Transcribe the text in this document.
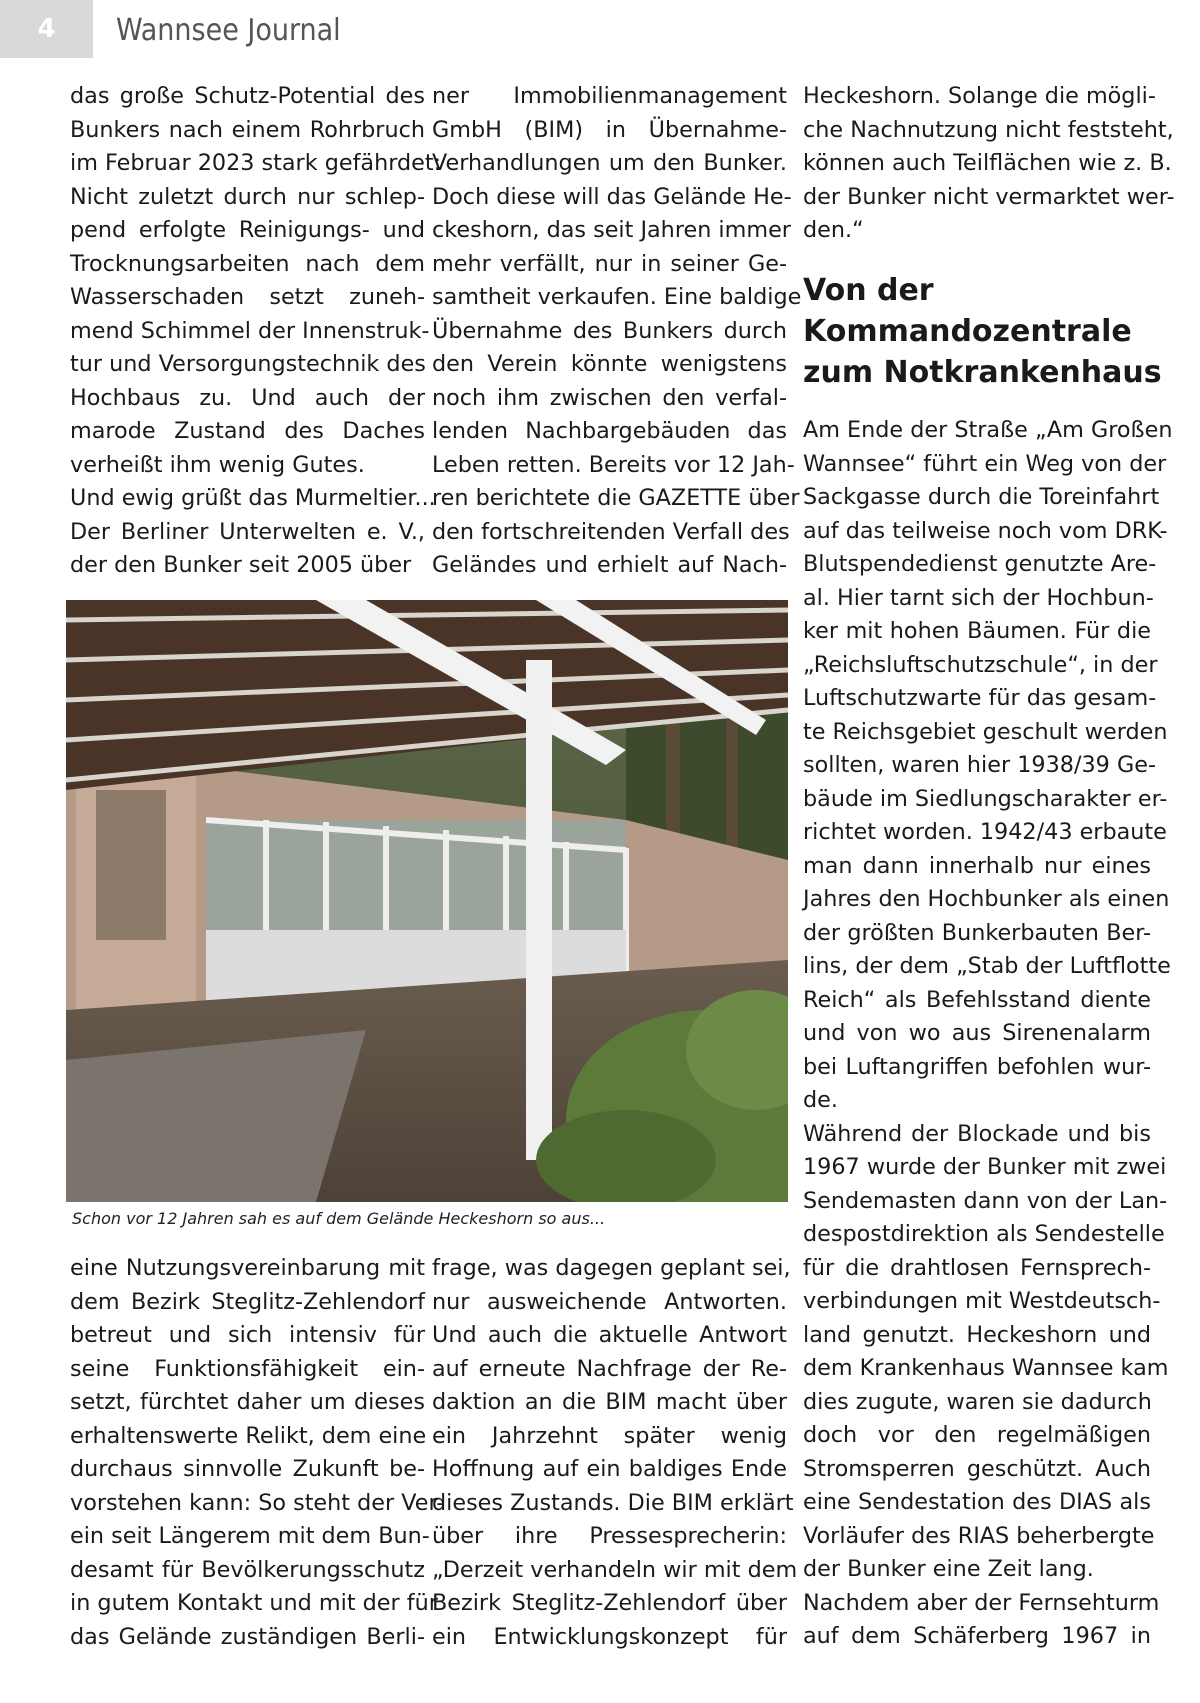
4	Wannsee Journal
das große Schutz-Potential des
Bunkers nach einem Rohrbruch
im Februar 2023 stark gefährdet:
Nicht zuletzt durch nur schlep-
pend erfolgte Reinigungs- und
Trocknungsarbeiten nach dem
Wasserschaden setzt zuneh-
mend Schimmel der Innenstruk-
tur und Versorgungstechnik des
Hochbaus zu. Und auch der
marode Zustand des Daches
verheißt ihm wenig Gutes.
Und ewig grüßt das Murmeltier...
Der Berliner Unterwelten e. V.,
der den Bunker seit 2005 über
ner Immobilienmanagement
GmbH (BIM) in Übernahme-
Verhandlungen um den Bunker.
Doch diese will das Gelände He-
ckeshorn, das seit Jahren immer
mehr verfällt, nur in seiner Ge-
samtheit verkaufen. Eine baldige
Übernahme des Bunkers durch
den Verein könnte wenigstens
noch ihm zwischen den verfal-
lenden Nachbargebäuden das
Leben retten. Bereits vor 12 Jah-
ren berichtete die GAZETTE über
den fortschreitenden Verfall des
Geländes und erhielt auf Nach-
Heckeshorn. Solange die mögli-
che Nachnutzung nicht feststeht,
können auch Teilflächen wie z. B.
der Bunker nicht vermarktet wer-
den.“
Von der
Kommandozentrale
zum Notkrankenhaus
Am Ende der Straße „Am Großen
Wannsee“ führt ein Weg von der
Sackgasse durch die Toreinfahrt
auf das teilweise noch vom DRK-
Blutspendedienst genutzte Are-
al. Hier tarnt sich der Hochbun-
ker mit hohen Bäumen. Für die
„Reichsluftschutzschule“, in der
Luftschutzwarte für das gesam-
te Reichsgebiet geschult werden
sollten, waren hier 1938/39 Ge-
bäude im Siedlungscharakter er-
richtet worden. 1942/43 erbaute
man dann innerhalb nur eines
Jahres den Hochbunker als einen
der größten Bunkerbauten Ber-
lins, der dem „Stab der Luftflotte
Reich“ als Befehlsstand diente
und von wo aus Sirenenalarm
bei Luftangriffen befohlen wur-
de.
Während der Blockade und bis
1967 wurde der Bunker mit zwei
Sendemasten dann von der Lan-
despostdirektion als Sendestelle
für die drahtlosen Fernsprech-
verbindungen mit Westdeutsch-
land genutzt. Heckeshorn und
dem Krankenhaus Wannsee kam
dies zugute, waren sie dadurch
doch vor den regelmäßigen
Stromsperren geschützt. Auch
eine Sendestation des DIAS als
Vorläufer des RIAS beherbergte
der Bunker eine Zeit lang.
Nachdem aber der Fernsehturm
auf dem Schäferberg 1967 in
Schon vor 12 Jahren sah es auf dem Gelände Heckeshorn so aus...
eine Nutzungsvereinbarung mit
dem Bezirk Steglitz-Zehlendorf
betreut und sich intensiv für
seine Funktionsfähigkeit ein-
setzt, fürchtet daher um dieses
erhaltenswerte Relikt, dem eine
durchaus sinnvolle Zukunft be-
vorstehen kann: So steht der Ver-
ein seit Längerem mit dem Bun-
desamt für Bevölkerungsschutz
in gutem Kontakt und mit der für
das Gelände zuständigen Berli-
frage, was dagegen geplant sei,
nur ausweichende Antworten.
Und auch die aktuelle Antwort
auf erneute Nachfrage der Re-
daktion an die BIM macht über
ein Jahrzehnt später wenig
Hoffnung auf ein baldiges Ende
dieses Zustands. Die BIM erklärt
über ihre Pressesprecherin:
„Derzeit verhandeln wir mit dem
Bezirk Steglitz-Zehlendorf über
ein Entwicklungskonzept für
